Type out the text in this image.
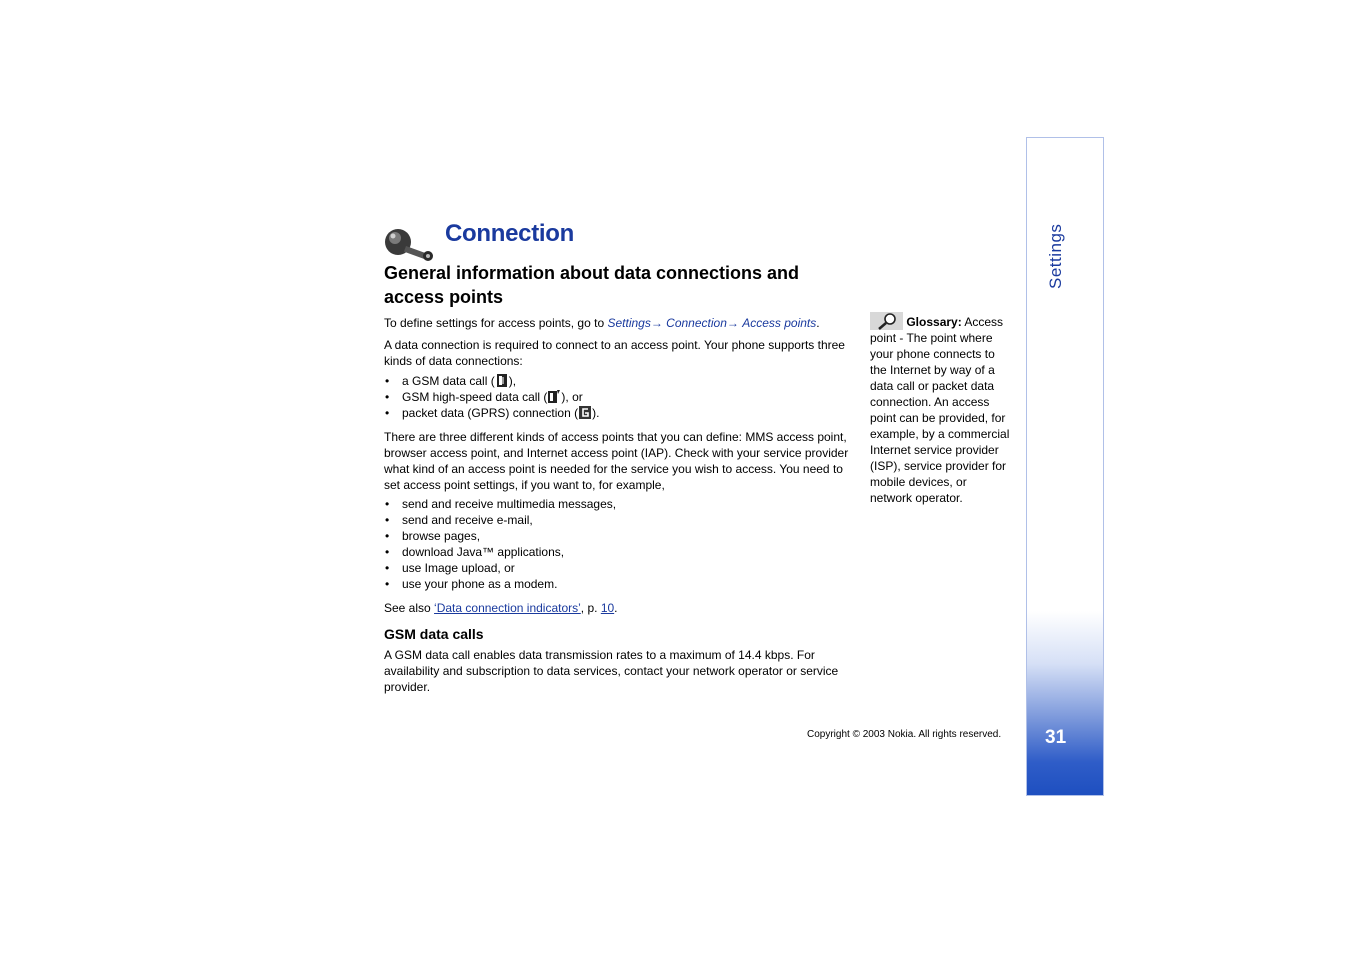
Connection
General information about data connections and access points

To define settings for access points, go to Settings→ Connection→ Access points.

A data connection is required to connect to an access point. Your phone supports three kinds of data connections:

• a GSM data call ( ),
• GSM high-speed data call ( ), or
• packet data (GPRS) connection ( ).

There are three different kinds of access points that you can define: MMS access point, browser access point, and Internet access point (IAP). Check with your service provider what kind of an access point is needed for the service you wish to access. You need to set access point settings, if you want to, for example,

• send and receive multimedia messages,
• send and receive e-mail,
• browse pages,
• download Java™ applications,
• use Image upload, or
• use your phone as a modem.

See also ‘Data connection indicators’, p. 10.

GSM data calls

A GSM data call enables data transmission rates to a maximum of 14.4 kbps. For availability and subscription to data services, contact your network operator or service provider.

Glossary: Access point - The point where your phone connects to the Internet by way of a data call or packet data connection. An access point can be provided, for example, by a commercial Internet service provider (ISP), service provider for mobile devices, or network operator.
Copyright © 2003 Nokia. All rights reserved.
Settings
31
